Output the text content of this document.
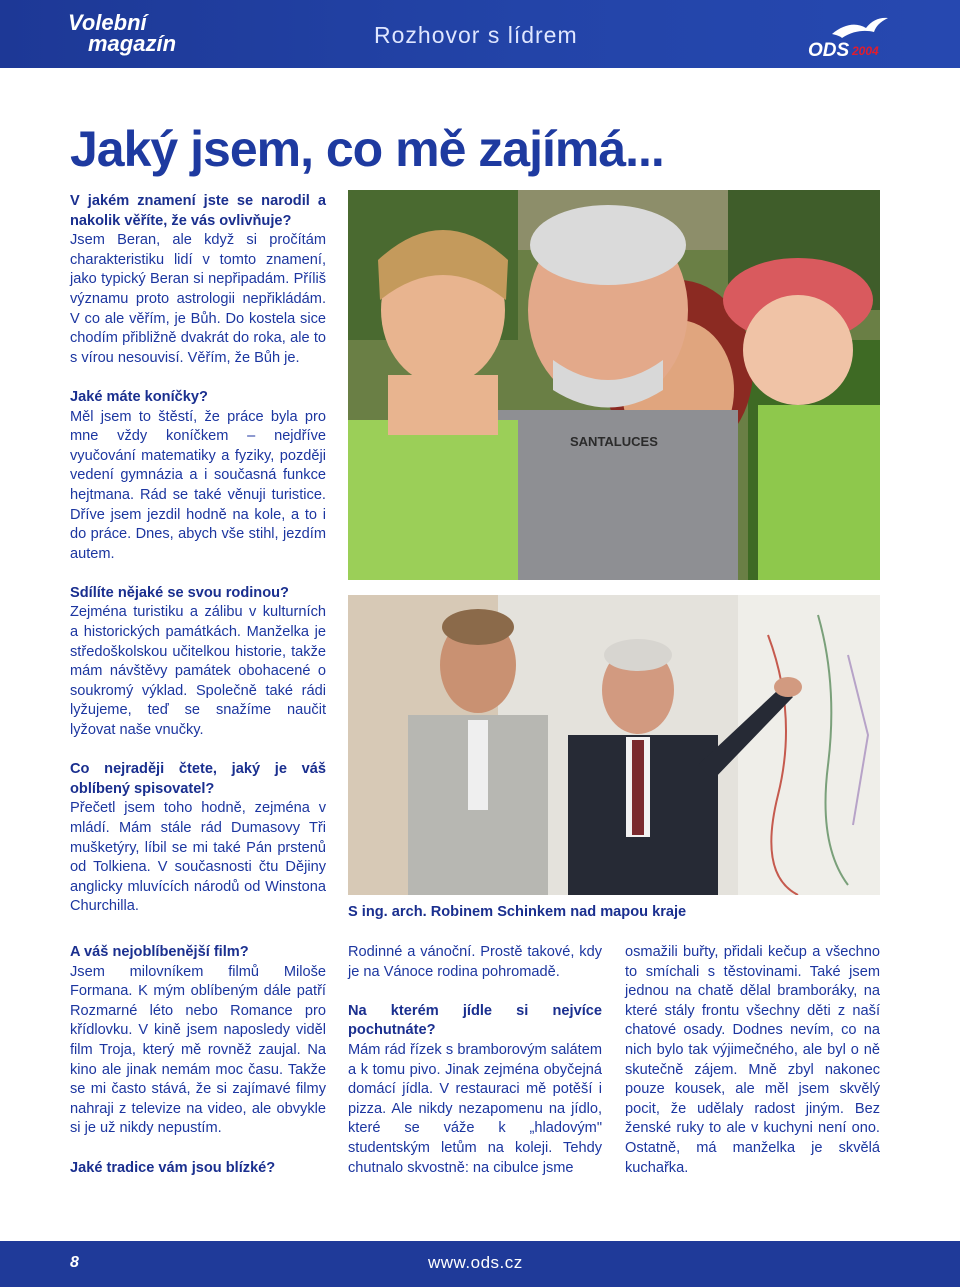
Volební
magazín	Rozhovor s lídrem
ODS 2004
Jaký jsem, co mě zajímá...

V jakém znamení jste se narodil a nakolik věříte, že vás ovlivňuje?

Jsem Beran, ale když si pročítám charakteristiku lidí v tomto znamení, jako typický Beran si nepřipadám. Příliš významu proto astrologii nepřikládám. V co ale věřím, je Bůh. Do kostela sice chodím přibližně dvakrát do roka, ale to s vírou nesouvisí. Věřím, že Bůh je.

Jaké máte koníčky?

Měl jsem to štěstí, že práce byla pro mne vždy koníčkem – nejdříve vyučování matematiky a fyziky, později vedení gymnázia a i současná funkce hejtmana. Rád se také věnuji turistice. Dříve jsem jezdil hodně na kole, a to i do práce. Dnes, abych vše stihl, jezdím autem.

Sdílíte nějaké se svou rodinou?

Zejména turistiku a zálibu v kulturních a historických památkách. Manželka je středoškolskou učitelkou historie, takže mám návštěvy památek obohacené o soukromý výklad. Společně také rádi lyžujeme, teď se snažíme naučit lyžovat naše vnučky.

Co nejraději čtete, jaký je váš oblíbený spisovatel?

Přečetl jsem toho hodně, zejména v mládí. Mám stále rád Dumasovy Tři mušketýry, líbil se mi také Pán prstenů od Tolkiena. V současnosti čtu Dějiny anglicky mluvících národů od Winstona Churchilla.

A váš nejoblíbenější film?

Jsem milovníkem filmů Miloše Formana. K mým oblíbeným dále patří Rozmarné léto nebo Romance pro křídlovku. V kině jsem naposledy viděl film Troja, který mě rovněž zaujal. Na kino ale jinak nemám moc času. Takže se mi často stává, že si zajímavé filmy nahraji z televize na video, ale obvykle si je už nikdy nepustím.

Jaké tradice vám jsou blízké?

Rodinné a vánoční. Prostě takové, kdy je na Vánoce rodina pohromadě.

Na kterém jídle si nejvíce pochutnáte?

Mám rád řízek s bramborovým salátem a k tomu pivo. Jinak zejména obyčejná domácí jídla. V restauraci mě potěší i pizza. Ale nikdy nezapomenu na jídlo, které se váže k „hladovým" studentským letům na koleji. Tehdy chutnalo skvostně: na cibulce jsme

osmažili buřty, přidali kečup a všechno to smíchali s těstovinami. Také jsem jednou na chatě dělal bramboráky, na které stály frontu všechny děti z naší chatové osady. Dodnes nevím, co na nich bylo tak výjimečného, ale byl o ně skutečně zájem. Mně zbyl nakonec pouze kousek, ale měl jsem skvělý pocit, že udělaly radost jiným. Bez ženské ruky to ale v kuchyni není ono. Ostatně, má manželka je skvělá kuchařka.

SANTALUCES
S ing. arch. Robinem Schinkem nad mapou kraje
8	www.ods.cz
